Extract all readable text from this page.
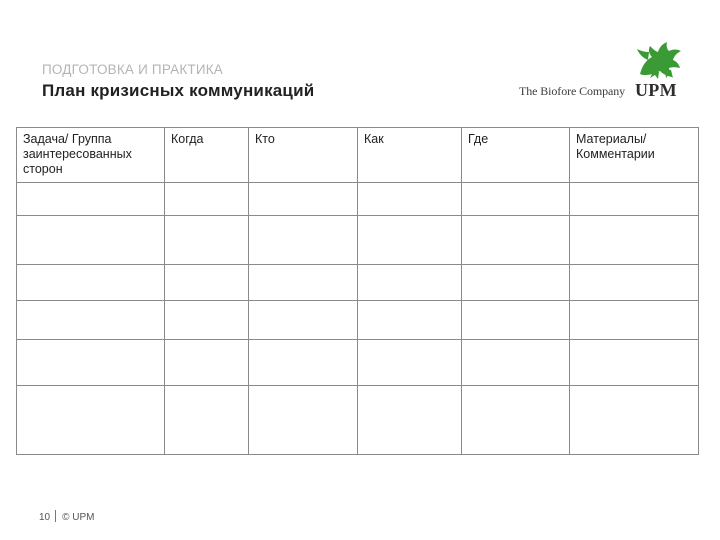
ПОДГОТОВКА И ПРАКТИКА
План кризисных коммуникаций	The Biofore Company UPM
Задача/ Группа заинтересованных сторон	Когда	Кто	Как	Где	Материалы/ Комментарии

10 © UPM
